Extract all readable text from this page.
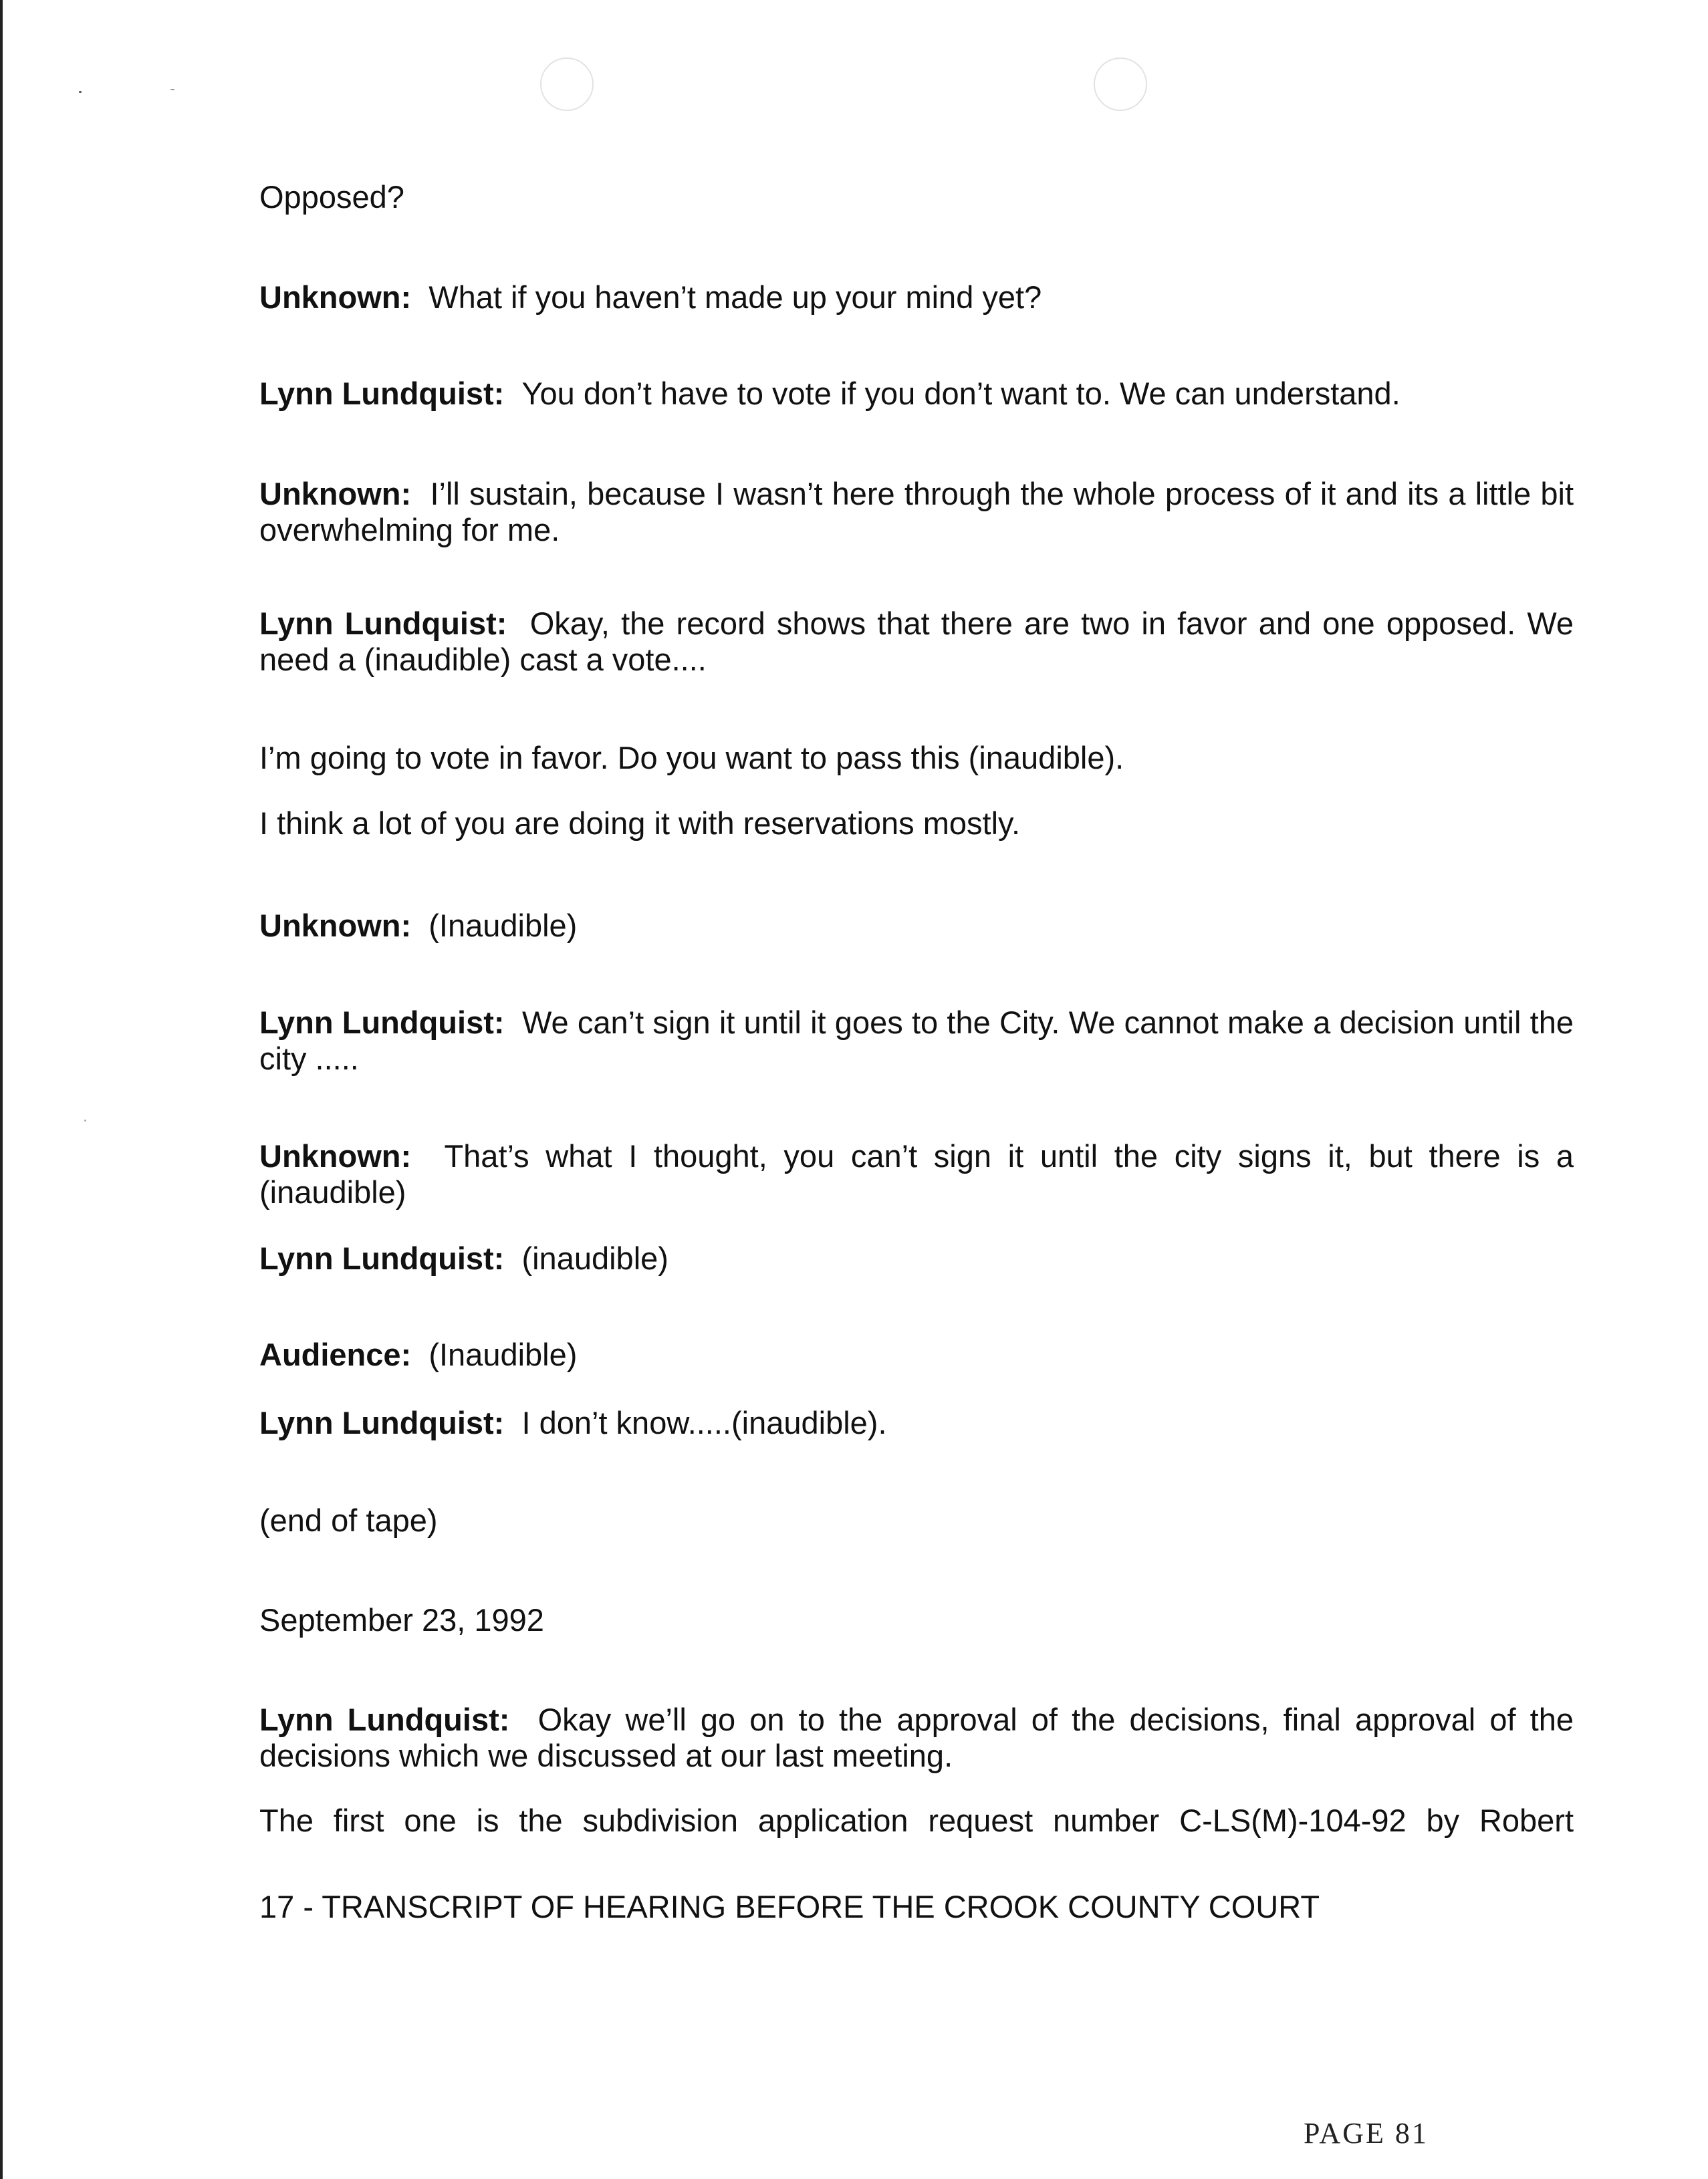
Opposed?

Unknown:  What if you haven’t made up your mind yet?

Lynn Lundquist:  You don’t have to vote if you don’t want to. We can understand.

Unknown:  I’ll sustain, because I wasn’t here through the whole process of it and its a little bit overwhelming for me.

Lynn Lundquist:  Okay, the record shows that there are two in favor and one opposed. We need a (inaudible) cast a vote....

I’m going to vote in favor. Do you want to pass this (inaudible).

I think a lot of you are doing it with reservations mostly.

Unknown:  (Inaudible)

Lynn Lundquist:  We can’t sign it until it goes to the City. We cannot make a decision until the city .....

Unknown:  That’s what I thought, you can’t sign it until the city signs it, but there is a (inaudible)

Lynn Lundquist:  (inaudible)

Audience:  (Inaudible)

Lynn Lundquist:  I don’t know.....(inaudible).

(end of tape)

September 23, 1992

Lynn Lundquist:  Okay we’ll go on to the approval of the decisions, final approval of the decisions which we discussed at our last meeting.

The first one is the subdivision application request number C-LS(M)-104-92 by Robert

17 - TRANSCRIPT OF HEARING BEFORE THE CROOK COUNTY COURT

PAGE 81
